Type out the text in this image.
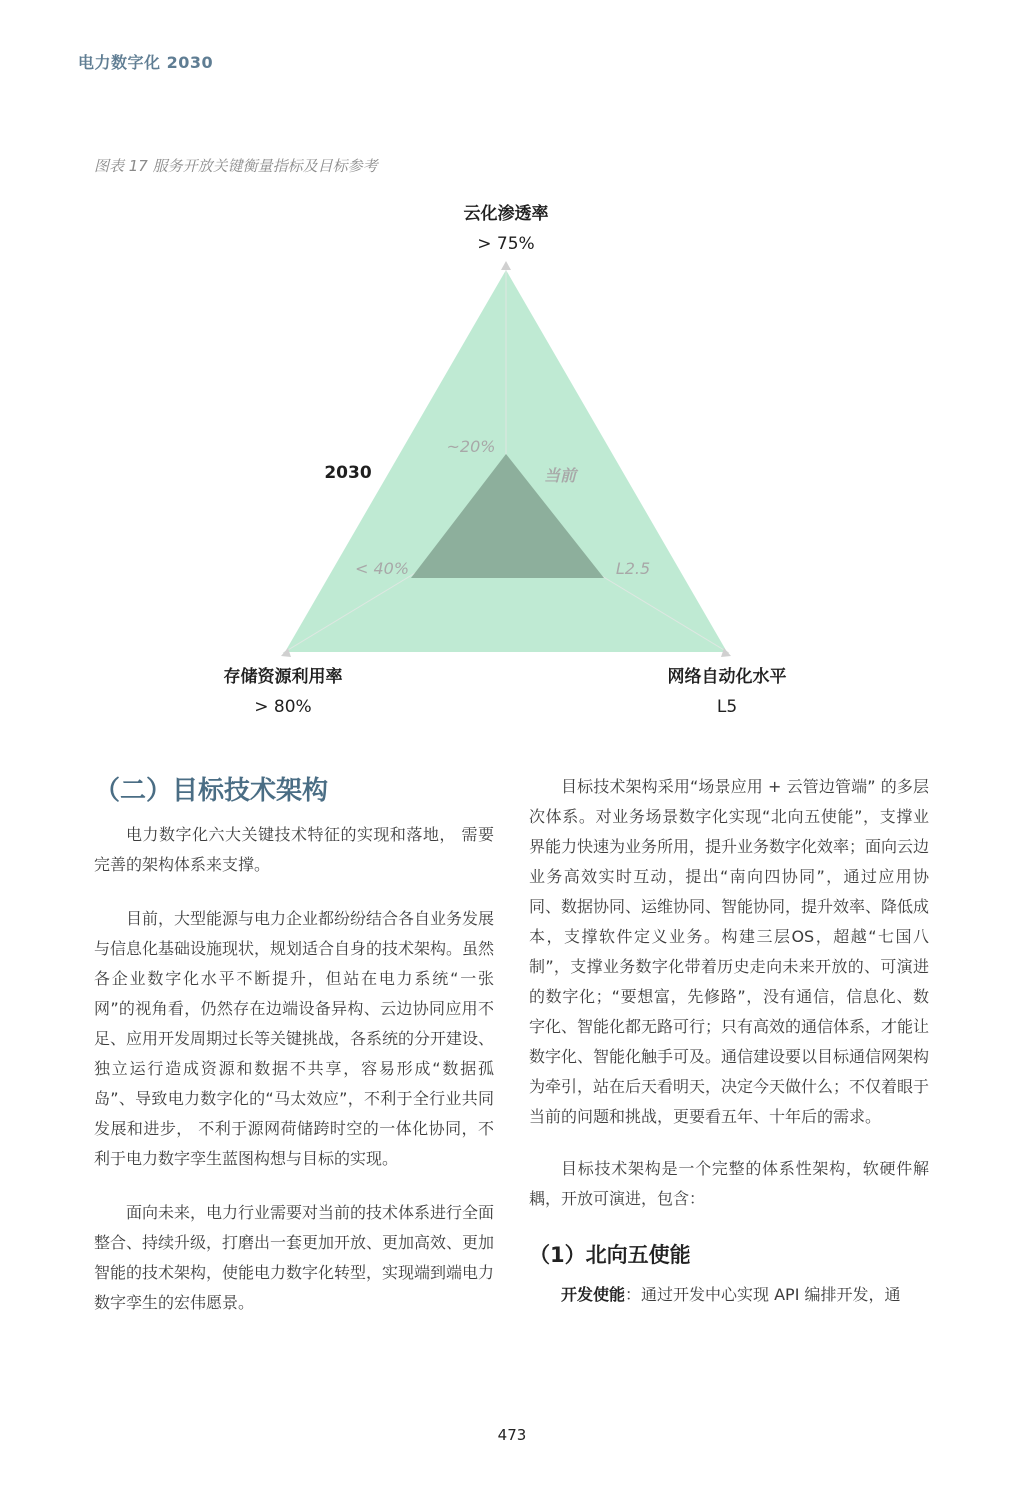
电力数字化 2030
图表 17 服务开放关键衡量指标及目标参考
云化渗透率
> 75%
存储资源利用率
> 80%
网络自动化水平
L5
2030	当前
~20%
< 40%	L2.5
（二）目标技术架构

电力数字化六大关键技术特征的实现和落地， 需要完善的架构体系来支撑。

目前，大型能源与电力企业都纷纷结合各自业务发展与信息化基础设施现状，规划适合自身的技术架构。虽然各企业数字化水平不断提升，但站在电力系统“一张网”的视角看，仍然存在边端设备异构、云边协同应用不足、应用开发周期过长等关键挑战，各系统的分开建设、独立运行造成资源和数据不共享，容易形成“数据孤岛”、导致电力数字化的“马太效应”，不利于全行业共同发展和进步， 不利于源网荷储跨时空的一体化协同，不利于电力数字孪生蓝图构想与目标的实现。

面向未来，电力行业需要对当前的技术体系进行全面整合、持续升级，打磨出一套更加开放、更加高效、更加智能的技术架构，使能电力数字化转型，实现端到端电力数字孪生的宏伟愿景。

目标技术架构采用“场景应用 + 云管边管端” 的多层次体系。对业务场景数字化实现“北向五使能”，支撑业界能力快速为业务所用，提升业务数字化效率；面向云边业务高效实时互动，提出“南向四协同”，通过应用协同、数据协同、运维协同、智能协同，提升效率、降低成本，支撑软件定义业务。构建三层OS，超越“七国八制”，支撑业务数字化带着历史走向未来开放的、可演进的数字化；“要想富，先修路”，没有通信，信息化、数字化、智能化都无路可行；只有高效的通信体系，才能让数字化、智能化触手可及。通信建设要以目标通信网架构为牵引，站在后天看明天，决定今天做什么；不仅着眼于当前的问题和挑战，更要看五年、十年后的需求。

目标技术架构是一个完整的体系性架构，软硬件解耦，开放可演进，包含：

（1）北向五使能

开发使能：通过开发中心实现 API 编排开发，通

473
